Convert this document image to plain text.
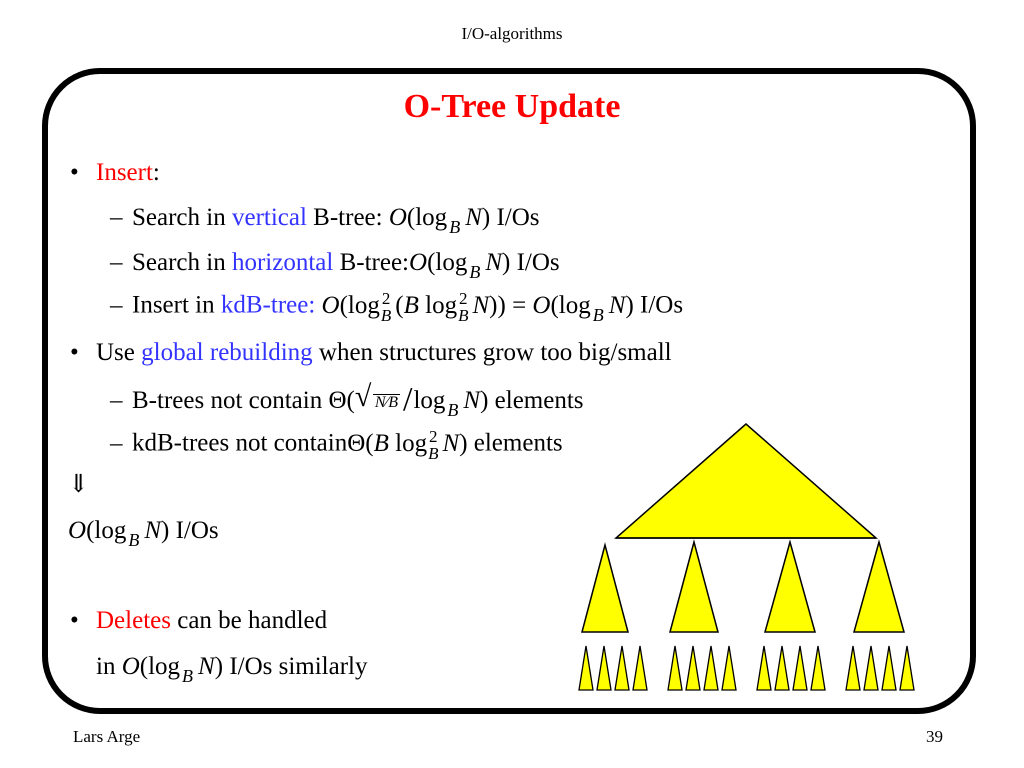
I/O-algorithms
O-Tree Update
• Insert:
– Search in vertical B-tree: O(log $_B$ N) I/Os
– Search in horizontal B-tree:O(log $_B$ N) I/Os
– Insert in kdB-tree: O(log 2
B (B log 2
B N)) = O(log $_B$ N) I/Os
• Use global rebuilding when structures grow too big/small
– B-trees not contain Θ( √ N⁄B /log $_B$ N) elements
– kdB-trees not containΘ(B log 2
B N) elements
⇓
O(log $_B$ N) I/Os
• Deletes can be handled
in O(log $_B$ N) I/Os similarly
Lars Arge	39
